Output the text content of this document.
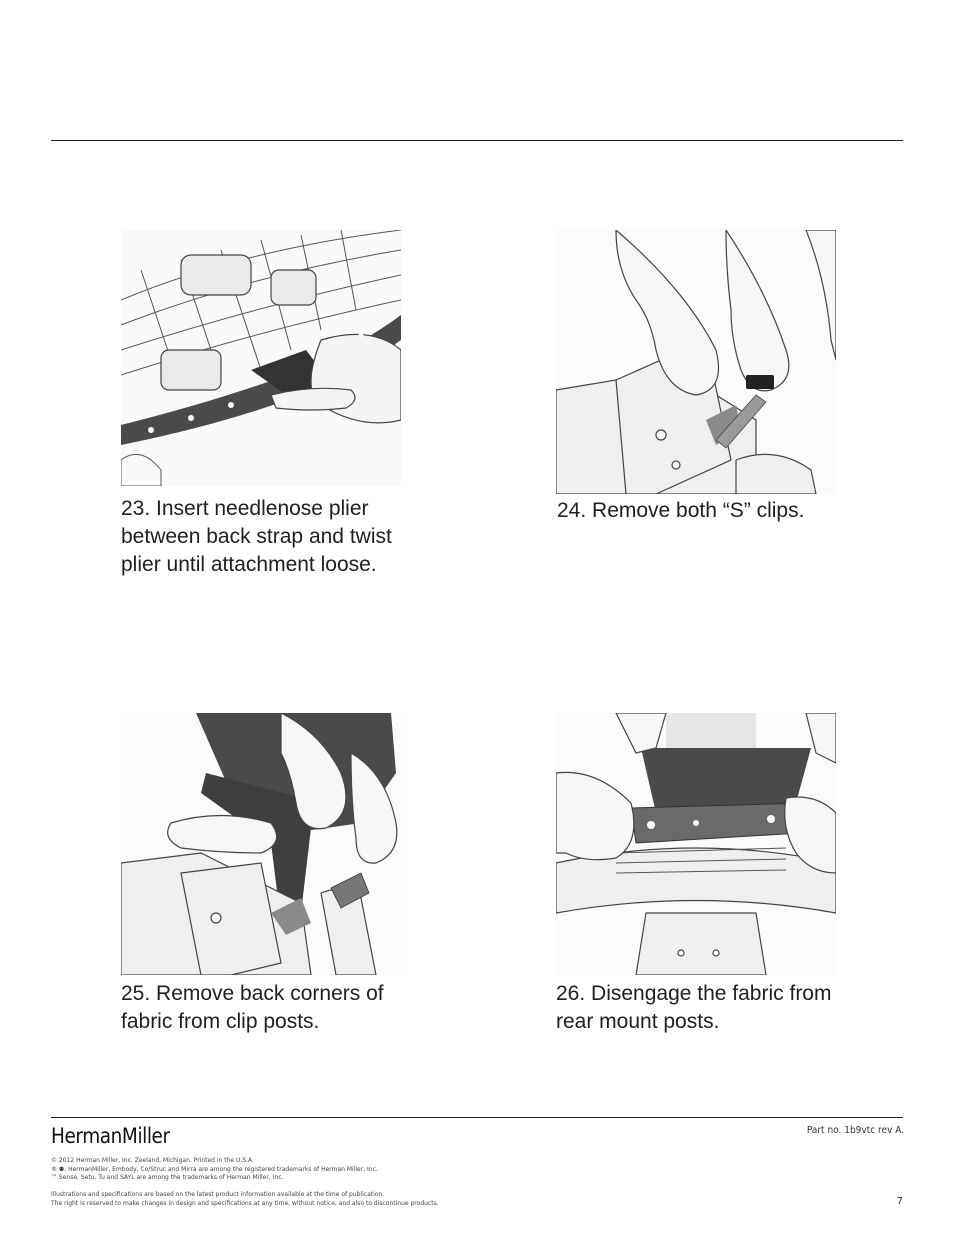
23. Insert needlenose plier between back strap and twist plier until attachment loose.

24. Remove both “S” clips.

25. Remove back corners of fabric from clip posts.

26. Disengage the fabric from rear mount posts.

HermanMiller	Part no. 1b9vtc rev A.
© 2012 Herman Miller, Inc. Zeeland, Michigan. Printed in the U.S.A.
® ⚉, HermanMiller, Embody, Co/Struc and Mirra are among the registered trademarks of Herman Miller, Inc.
™ Sense, Setu, Tu and SAYL are among the trademarks of Herman Miller, Inc.
Illustrations and specifications are based on the latest product information available at the time of publication.
The right is reserved to make changes in design and specifications at any time, without notice, and also to discontinue products.	7
